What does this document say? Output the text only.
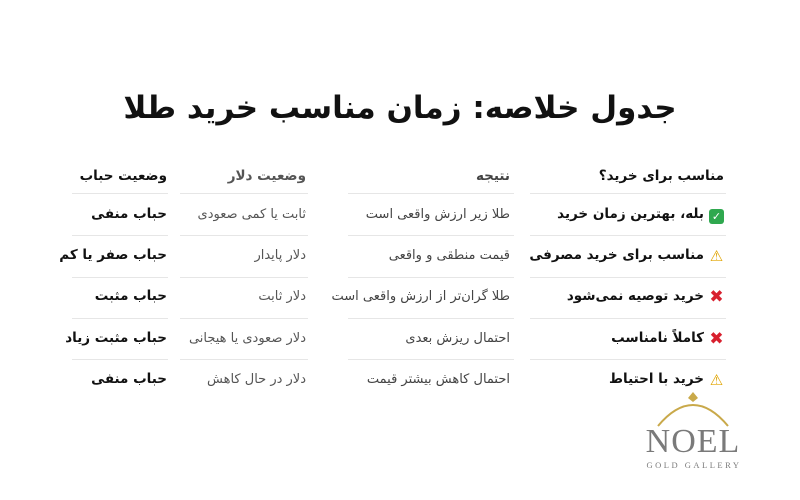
جدول خلاصه: زمان مناسب خرید طلا
مناسب برای خرید؟
نتیجه
وضعیت دلار
وضعیت حباب
✓بله، بهترین زمان خرید
طلا زیر ارزش واقعی است
ثابت یا کمی صعودی
حباب منفی
⚠مناسب برای خرید مصرفی
قیمت منطقی و واقعی
دلار پایدار
حباب صفر یا کم
✖خرید توصیه نمی‌شود
طلا گران‌تر از ارزش واقعی است
دلار ثابت
حباب مثبت
✖کاملاً نامناسب
احتمال ریزش بعدی
دلار صعودی یا هیجانی
حباب مثبت زیاد
⚠خرید با احتیاط
احتمال کاهش بیشتر قیمت
دلار در حال کاهش
حباب منفی
NOEL
GOLD GALLERY
